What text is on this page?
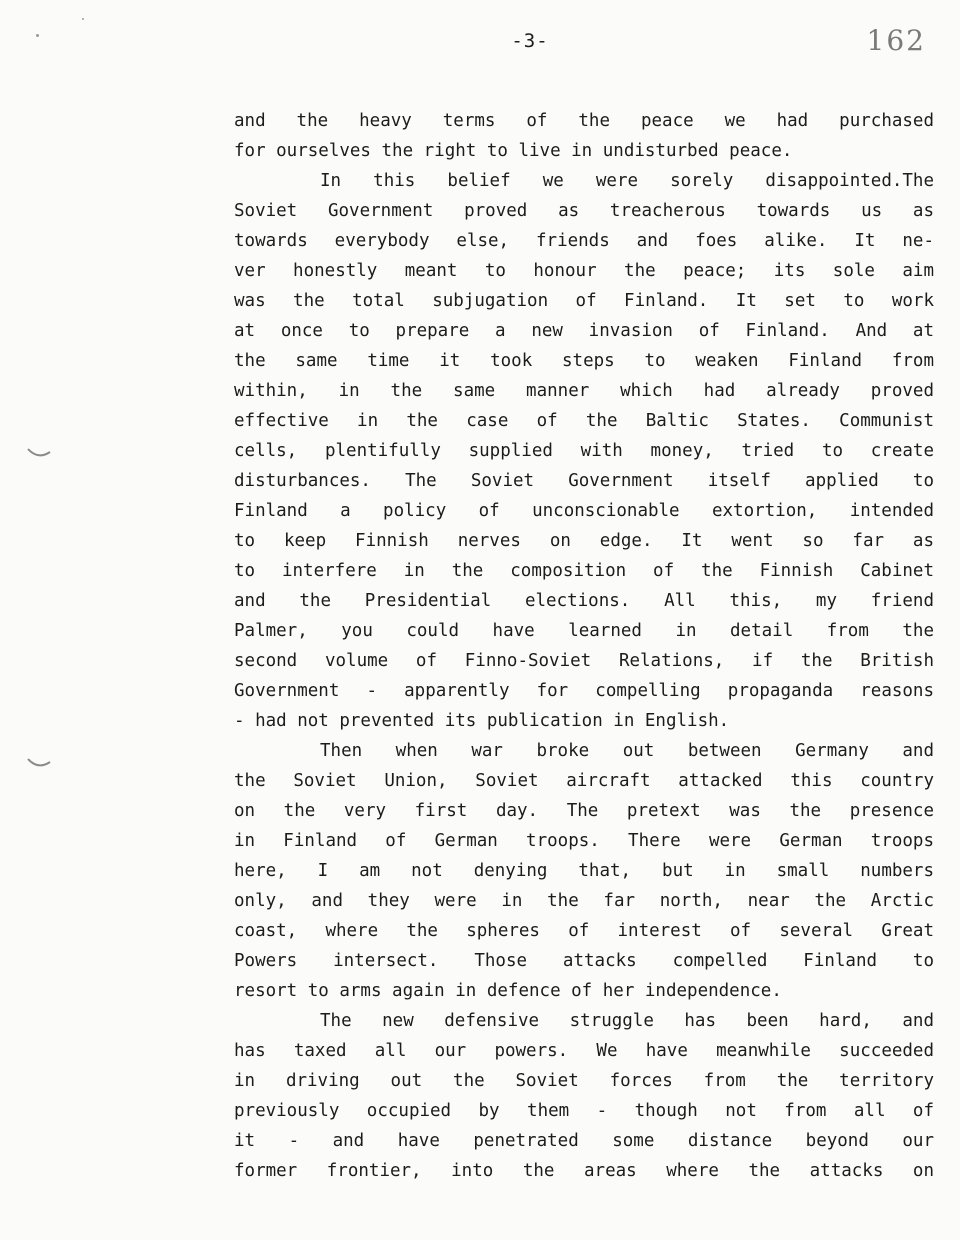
-3-	162
and the heavy terms of the peace we had purchased
for ourselves the right to live in undisturbed peace.
In this belief we were sorely disappointed.The
Soviet Government proved as treacherous towards us as
towards everybody else, friends and foes alike. It ne-
ver honestly meant to honour the peace; its sole aim
was the total subjugation of Finland. It set to work
at once to prepare a new invasion of Finland. And at
the same time it took steps to weaken Finland from
within, in the same manner which had already proved
effective in the case of the Baltic States. Communist
cells, plentifully supplied with money, tried to create
disturbances. The Soviet Government itself applied to
Finland a policy of unconscionable extortion, intended
to keep Finnish nerves on edge. It went so far as
to interfere in the composition of the Finnish Cabinet
and the Presidential elections. All this, my friend
Palmer, you could have learned in detail from the
second volume of Finno-Soviet Relations, if the British
Government - apparently for compelling propaganda reasons
- had not prevented its publication in English.
Then when war broke out between Germany and
the Soviet Union, Soviet aircraft attacked this country
on the very first day. The pretext was the presence
in Finland of German troops. There were German troops
here, I am not denying that, but in small numbers
only, and they were in the far north, near the Arctic
coast, where the spheres of interest of several Great
Powers intersect. Those attacks compelled Finland to
resort to arms again in defence of her independence.
The new defensive struggle has been hard, and
has taxed all our powers. We have meanwhile succeeded
in driving out the Soviet forces from the territory
previously occupied by them - though not from all of
it - and have penetrated some distance beyond our
former frontier, into the areas where the attacks on
